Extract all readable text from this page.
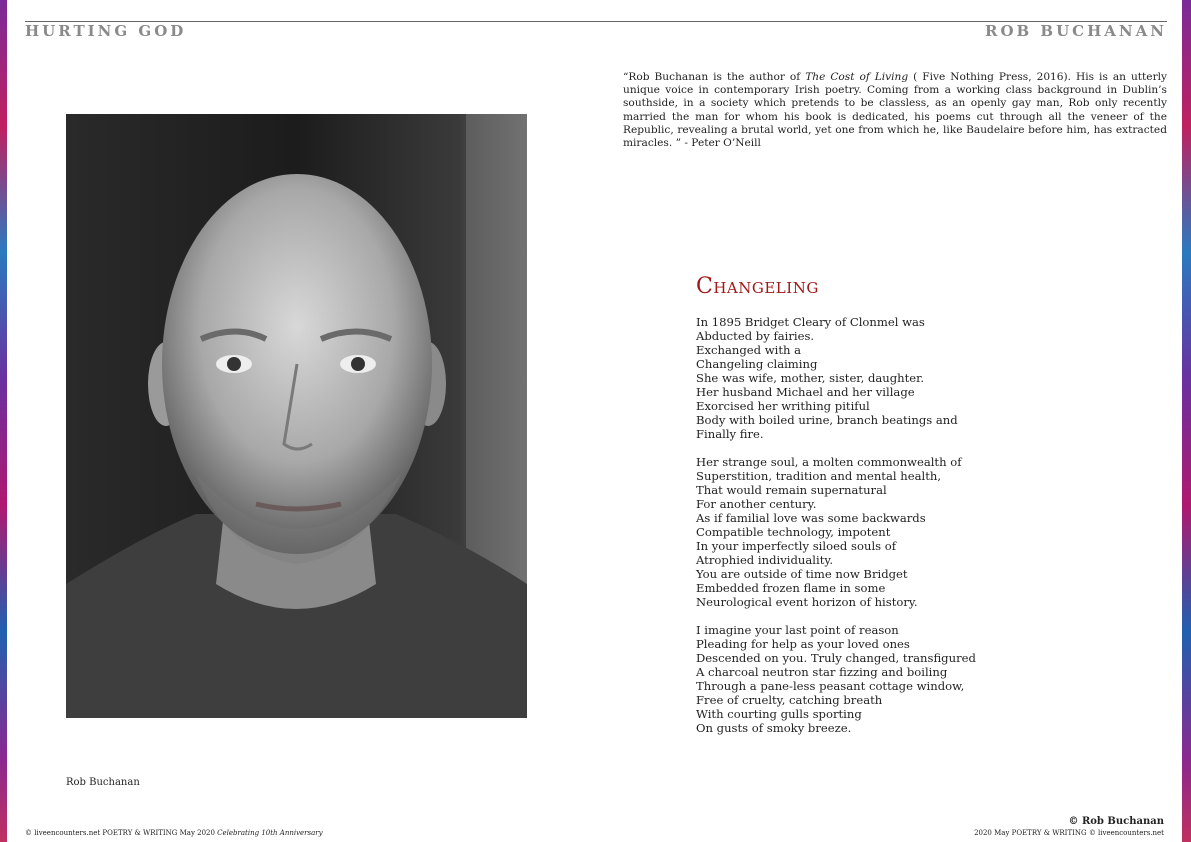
HURTING GOD	ROB BUCHANAN
Rob Buchanan
“Rob Buchanan is the author of The Cost of Living ( Five Nothing Press, 2016). His is an utterly unique voice in contemporary Irish poetry. Coming from a working class background in Dublin’s southside, in a society which pretends to be classless, as an openly gay man, Rob only recently married the man for whom his book is dedicated, his poems cut through all the veneer of the Republic, revealing a brutal world, yet one from which he, like Baudelaire before him, has extracted miracles. ” - Peter O’Neill
Changeling
In 1895 Bridget Cleary of Clonmel was
Abducted by fairies.
Exchanged with a
Changeling claiming
She was wife, mother, sister, daughter.
Her husband Michael and her village
Exorcised her writhing pitiful
Body with boiled urine, branch beatings and
Finally fire.
Her strange soul, a molten commonwealth of
Superstition, tradition and mental health,
That would remain supernatural
For another century.
As if familial love was some backwards
Compatible technology, impotent
In your imperfectly siloed souls of
Atrophied individuality.
You are outside of time now Bridget
Embedded frozen flame in some
Neurological event horizon of history.
I imagine your last point of reason
Pleading for help as your loved ones
Descended on you. Truly changed, transfigured
A charcoal neutron star fizzing and boiling
Through a pane-less peasant cottage window,
Free of cruelty, catching breath
With courting gulls sporting
On gusts of smoky breeze.
© Rob Buchanan
© liveencounters.net POETRY & WRITING May 2020 Celebrating 10th Anniversary	2020 May POETRY & WRITING © liveencounters.net
